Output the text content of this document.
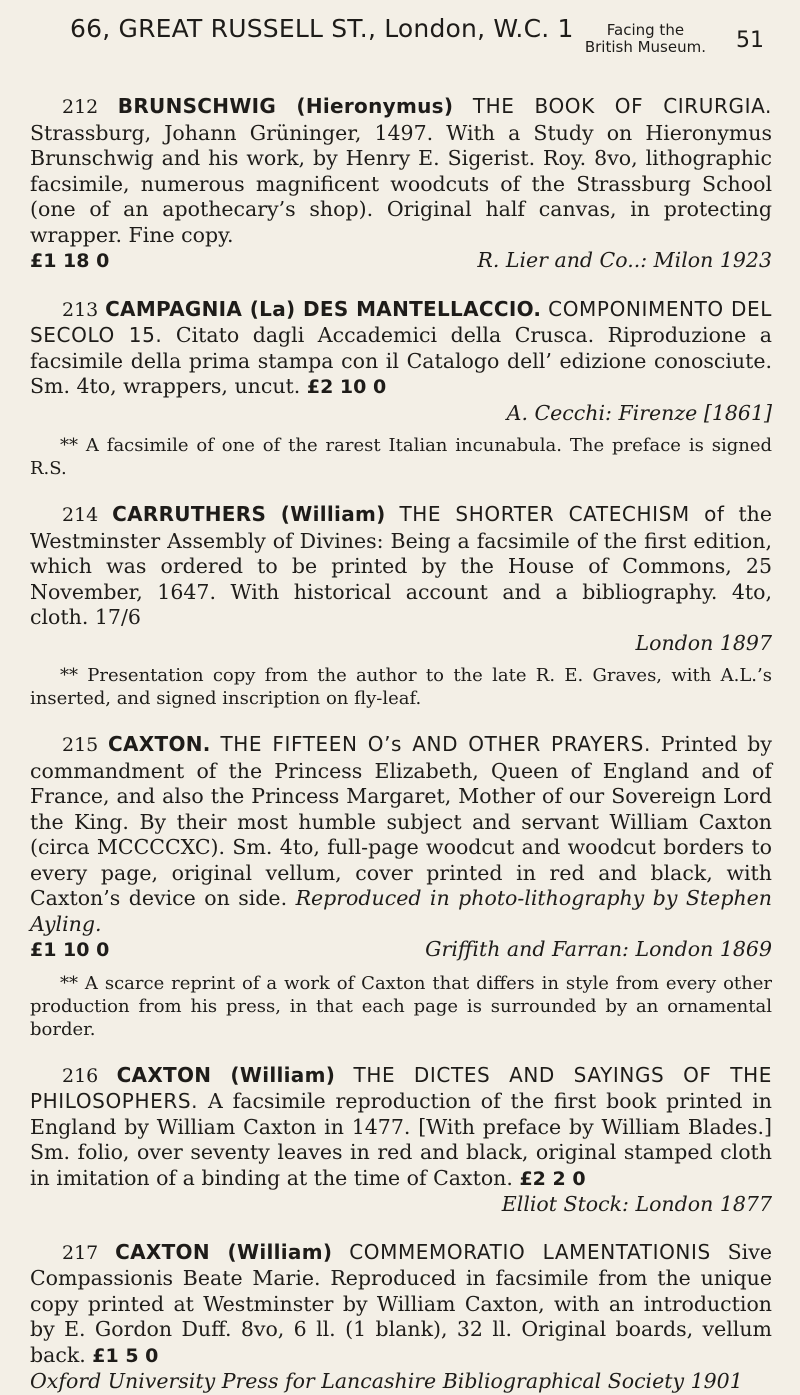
66, GREAT RUSSELL ST., London, W.C. 1	Facing the
British Museum. 51

212 BRUNSCHWIG (Hieronymus) THE BOOK OF CIRURGIA. Strassburg, Johann Grüninger, 1497. With a Study on Hieronymus Brunschwig and his work, by Henry E. Sigerist. Roy. 8vo, lithographic facsimile, numerous magnificent woodcuts of the Strassburg School (one of an apothecary’s shop). Original half canvas, in protecting wrapper. Fine copy.

£1 18 0	R. Lier and Co..: Milon 1923

213 CAMPAGNIA (La) DES MANTELLACCIO. COMPONIMENTO DEL SECOLO 15. Citato dagli Accademici della Crusca. Riproduzione a facsimile della prima stampa con il Catalogo dell’ edizione conosciute. Sm. 4to, wrappers, uncut. £2 10 0

A. Cecchi: Firenze [1861]
** A facsimile of one of the rarest Italian incunabula. The preface is signed R.S.

214 CARRUTHERS (William) THE SHORTER CATECHISM of the Westminster Assembly of Divines: Being a facsimile of the first edition, which was ordered to be printed by the House of Commons, 25 November, 1647. With historical account and a bibliography. 4to, cloth. 17/6

London 1897
** Presentation copy from the author to the late R. E. Graves, with A.L.’s inserted, and signed inscription on fly-leaf.

215 CAXTON. THE FIFTEEN O’s AND OTHER PRAYERS. Printed by commandment of the Princess Elizabeth, Queen of England and of France, and also the Princess Margaret, Mother of our Sovereign Lord the King. By their most humble subject and servant William Caxton (circa MCCCCXC). Sm. 4to, full-page woodcut and woodcut borders to every page, original vellum, cover printed in red and black, with Caxton’s device on side. Reproduced in photo-lithography by Stephen Ayling.

£1 10 0	Griffith and Farran: London 1869
** A scarce reprint of a work of Caxton that differs in style from every other production from his press, in that each page is surrounded by an ornamental border.

216 CAXTON (William) THE DICTES AND SAYINGS OF THE PHILOSOPHERS. A facsimile reproduction of the first book printed in England by William Caxton in 1477. [With preface by William Blades.] Sm. folio, over seventy leaves in red and black, original stamped cloth in imitation of a binding at the time of Caxton. £2 2 0

Elliot Stock: London 1877

217 CAXTON (William) COMMEMORATIO LAMENTATIONIS Sive Compassionis Beate Marie. Reproduced in facsimile from the unique copy printed at Westminster by William Caxton, with an introduction by E. Gordon Duff. 8vo, 6 ll. (1 blank), 32 ll. Original boards, vellum back. £1 5 0

Oxford University Press for Lancashire Bibliographical Society 1901
